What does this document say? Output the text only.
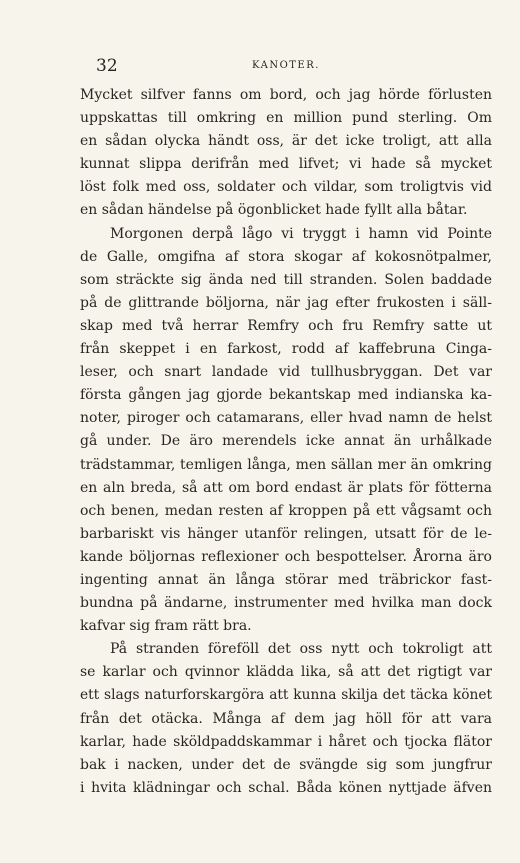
32	KANOTER.
Mycket silfver fanns om bord, och jag hörde förlusten
uppskattas till omkring en million pund sterling. Om
en sådan olycka händt oss, är det icke troligt, att alla
kunnat slippa derifrån med lifvet; vi hade så mycket
löst folk med oss, soldater och vildar, som troligtvis vid
en sådan händelse på ögonblicket hade fyllt alla båtar.
Morgonen derpå lågo vi tryggt i hamn vid Pointe
de Galle, omgifna af stora skogar af kokosnötpalmer,
som sträckte sig ända ned till stranden. Solen baddade
på de glittrande böljorna, när jag efter frukosten i säll-
skap med två herrar Remfry och fru Remfry satte ut
från skeppet i en farkost, rodd af kaffebruna Cinga-
leser, och snart landade vid tullhusbryggan. Det var
första gången jag gjorde bekantskap med indianska ka-
noter, piroger och catamarans, eller hvad namn de helst
gå under. De äro merendels icke annat än urhålkade
trädstammar, temligen långa, men sällan mer än omkring
en aln breda, så att om bord endast är plats för fötterna
och benen, medan resten af kroppen på ett vågsamt och
barbariskt vis hänger utanför relingen, utsatt för de le-
kande böljornas reflexioner och bespottelser. Årorna äro
ingenting annat än långa störar med träbrickor fast-
bundna på ändarne, instrumenter med hvilka man dock
kafvar sig fram rätt bra.
På stranden föreföll det oss nytt och tokroligt att
se karlar och qvinnor klädda lika, så att det rigtigt var
ett slags naturforskargöra att kunna skilja det täcka könet
från det otäcka. Många af dem jag höll för att vara
karlar, hade sköldpaddskammar i håret och tjocka flätor
bak i nacken, under det de svängde sig som jungfrur
i hvita klädningar och schal. Båda könen nyttjade äfven
